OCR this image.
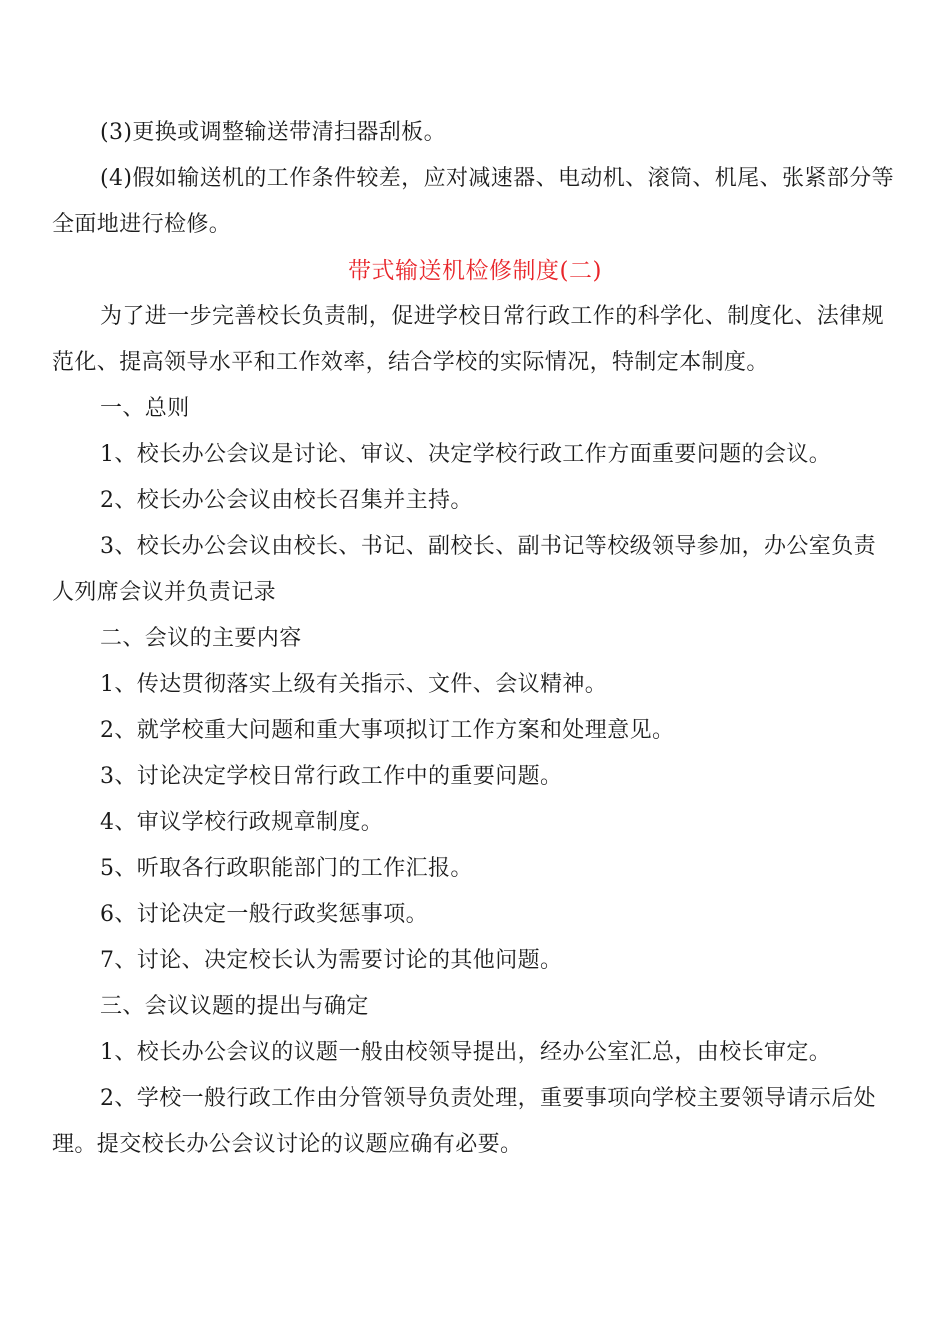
(3)更换或调整输送带清扫器刮板。

(4)假如输送机的工作条件较差，应对减速器、电动机、滚筒、机尾、张紧部分等全面地进行检修。

带式输送机检修制度(二)

为了进一步完善校长负责制，促进学校日常行政工作的科学化、制度化、法律规范化、提高领导水平和工作效率，结合学校的实际情况，特制定本制度。

一、总则

1、校长办公会议是讨论、审议、决定学校行政工作方面重要问题的会议。

2、校长办公会议由校长召集并主持。

3、校长办公会议由校长、书记、副校长、副书记等校级领导参加，办公室负责人列席会议并负责记录

二、会议的主要内容

1、传达贯彻落实上级有关指示、文件、会议精神。

2、就学校重大问题和重大事项拟订工作方案和处理意见。

3、讨论决定学校日常行政工作中的重要问题。

4、审议学校行政规章制度。

5、听取各行政职能部门的工作汇报。

6、讨论决定一般行政奖惩事项。

7、讨论、决定校长认为需要讨论的其他问题。

三、会议议题的提出与确定

1、校长办公会议的议题一般由校领导提出，经办公室汇总，由校长审定。

2、学校一般行政工作由分管领导负责处理，重要事项向学校主要领导请示后处理。提交校长办公会议讨论的议题应确有必要。
